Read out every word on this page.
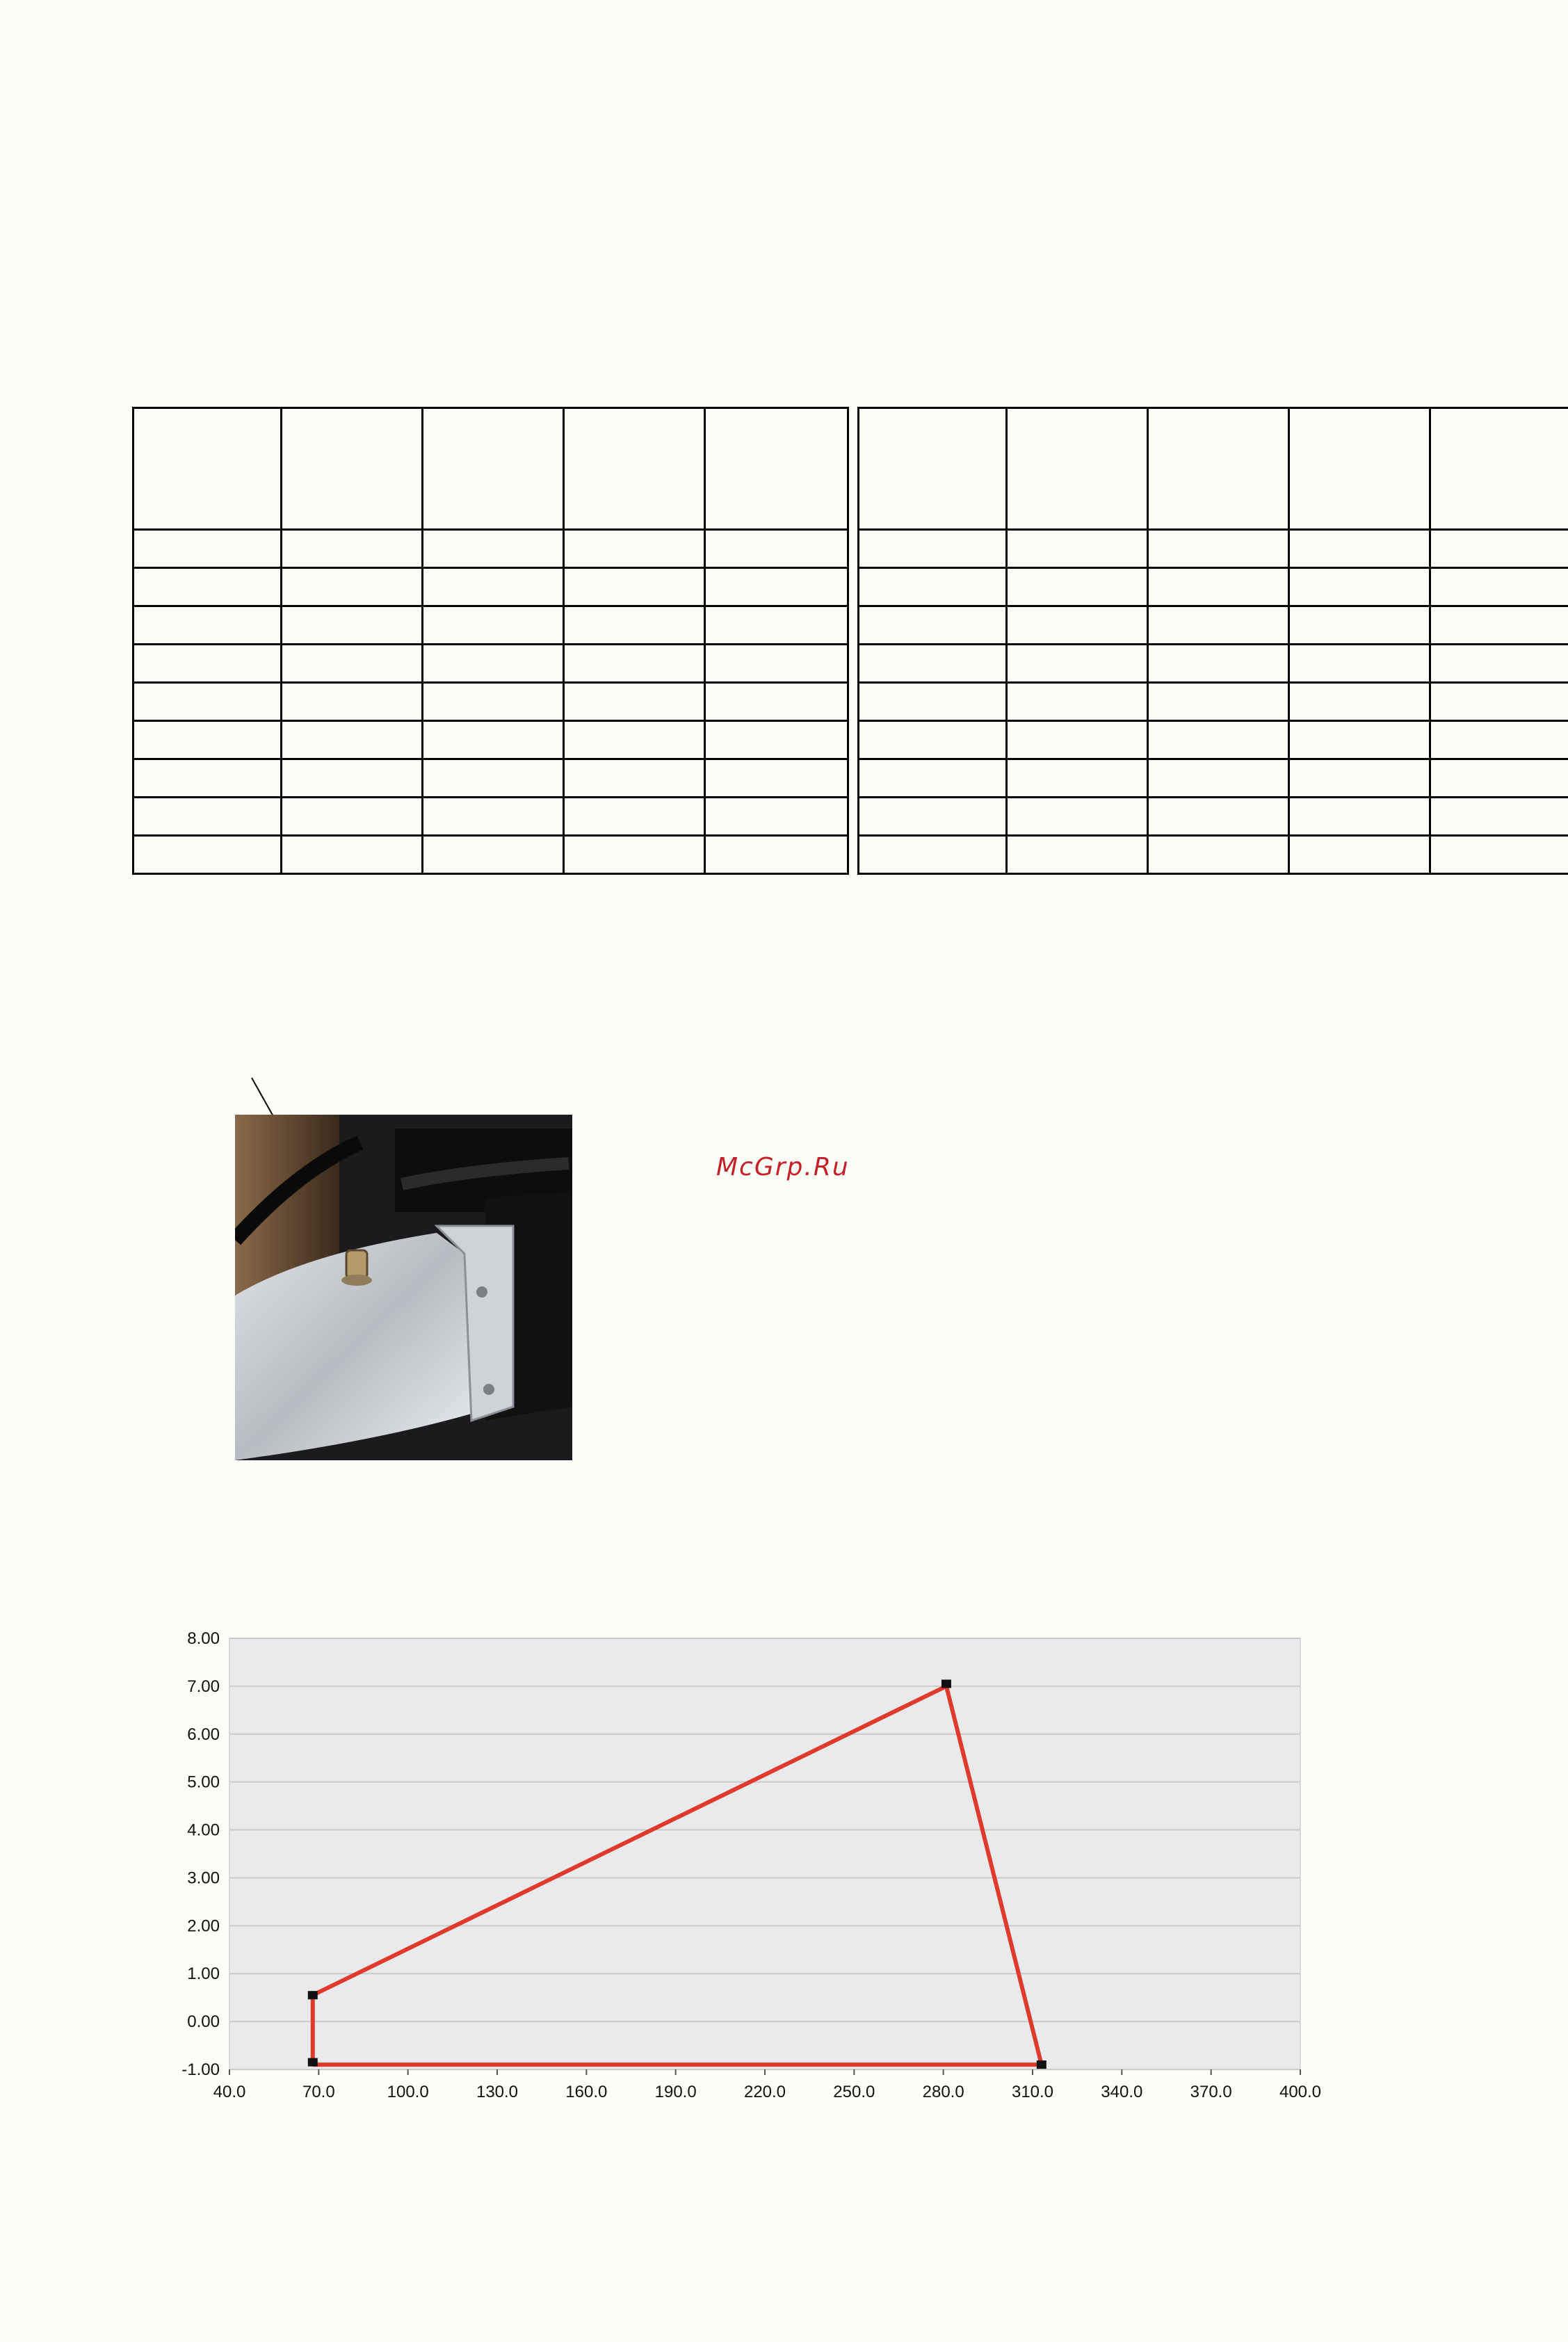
McGrp.Ru
-1.00
0.00
1.00
2.00
3.00
4.00
5.00
6.00
7.00
8.00
40.0	70.0	100.0	130.0	160.0	190.0	220.0	250.0	280.0	310.0	340.0	370.0	400.0
